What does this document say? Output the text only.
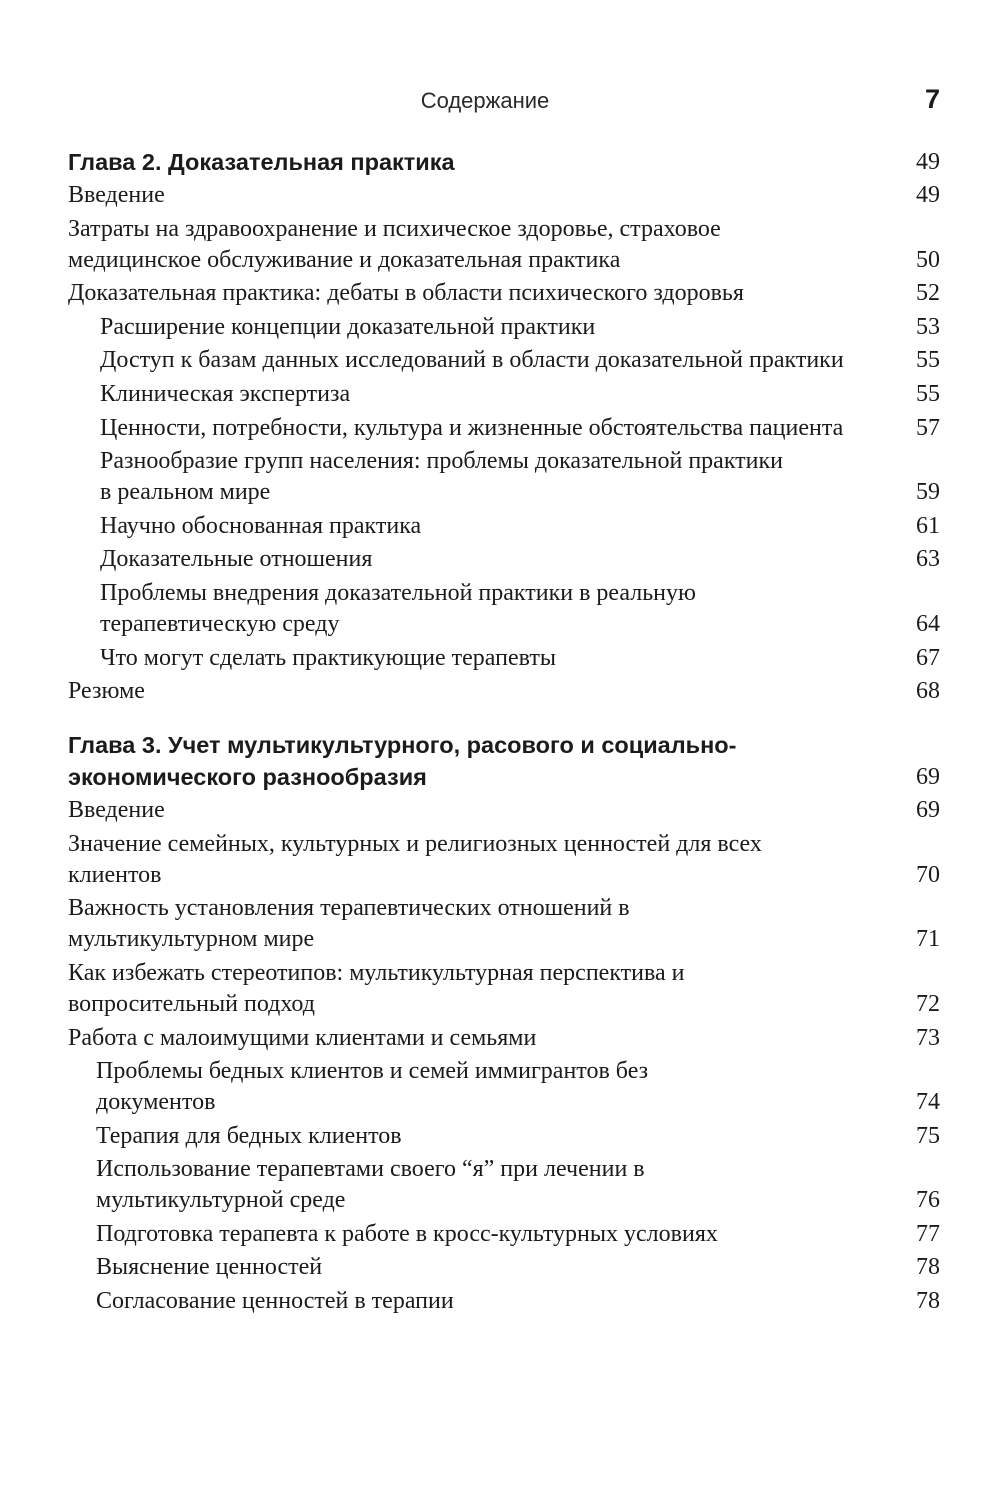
Содержание	7
Глава 2. Доказательная практика	49
Введение	49
Затраты на здравоохранение и психическое здоровье, страховое медицинское обслуживание и доказательная практика	50
Доказательная практика: дебаты в области психического здоровья	52
Расширение концепции доказательной практики	53
Доступ к базам данных исследований в области доказательной практики	55
Клиническая экспертиза	55
Ценности, потребности, культура и жизненные обстоятельства пациента	57
Разнообразие групп населения: проблемы доказательной практики в реальном мире	59
Научно обоснованная практика	61
Доказательные отношения	63
Проблемы внедрения доказательной практики в реальную терапевтическую среду	64
Что могут сделать практикующие терапевты	67
Резюме	68
Глава 3. Учет мультикультурного, расового и социально-экономического разнообразия	69
Введение	69
Значение семейных, культурных и религиозных ценностей для всех клиентов	70
Важность установления терапевтических отношений в мультикультурном мире	71
Как избежать стереотипов: мультикультурная перспектива и вопросительный подход	72
Работа с малоимущими клиентами и семьями	73
Проблемы бедных клиентов и семей иммигрантов без документов	74
Терапия для бедных клиентов	75
Использование терапевтами своего “я” при лечении в мультикультурной среде	76
Подготовка терапевта к работе в кросс-культурных условиях	77
Выяснение ценностей	78
Согласование ценностей в терапии	78
